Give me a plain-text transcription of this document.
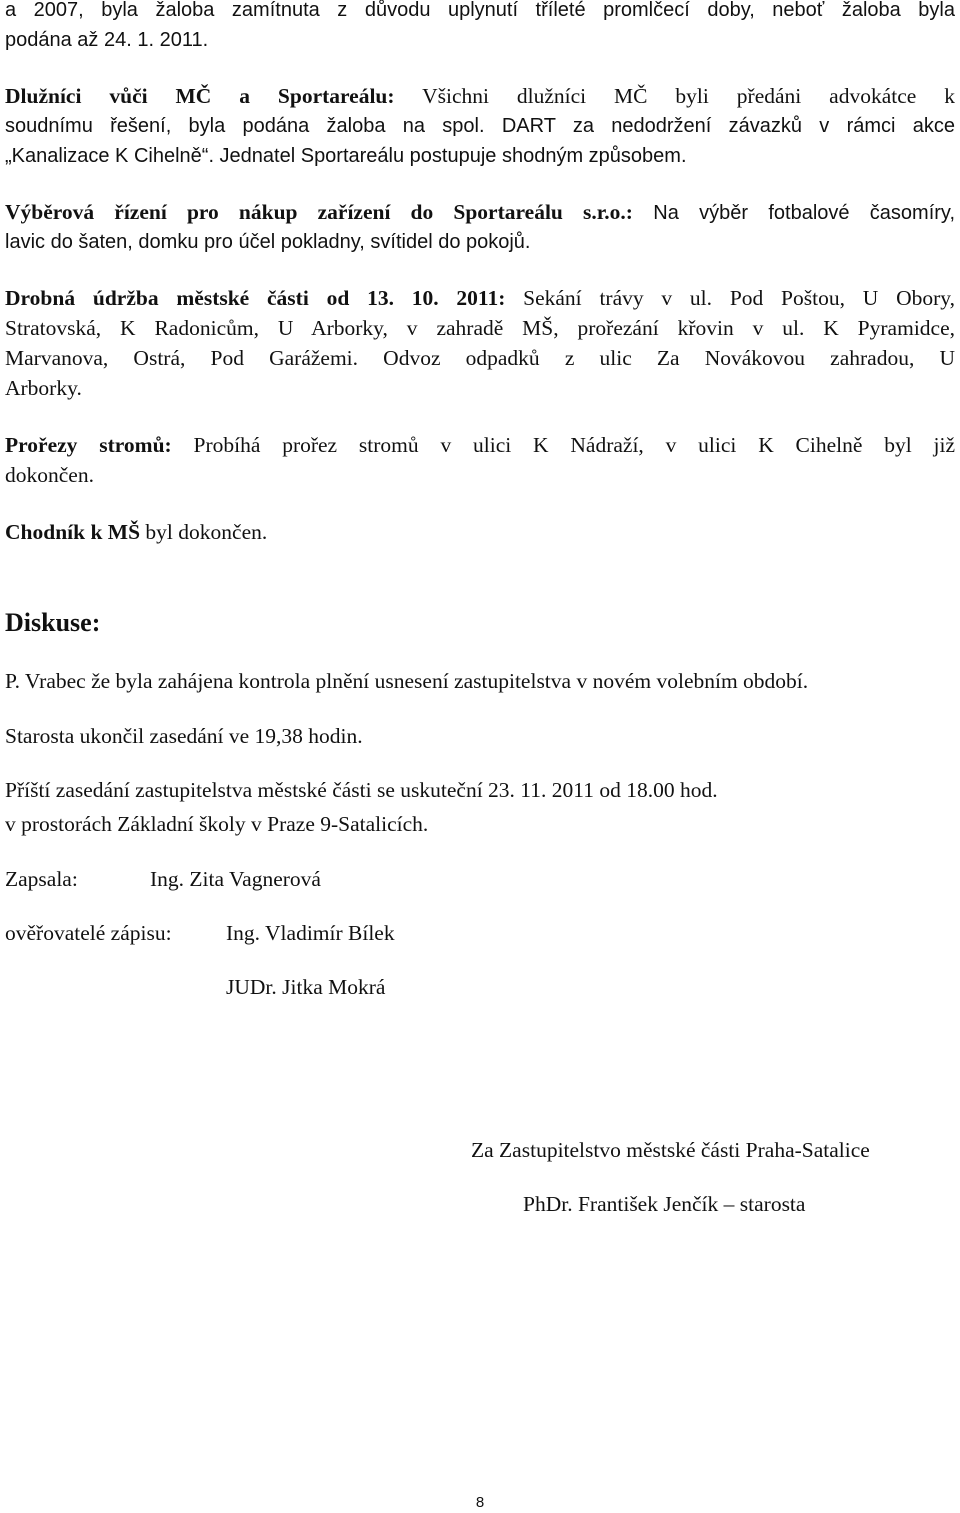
a 2007, byla žaloba zamítnuta z důvodu uplynutí tříleté promlčecí doby, neboť žaloba byla

podána až 24. 1. 2011.

Dlužníci vůči MČ a Sportareálu: Všichni dlužníci MČ byli předáni advokátce k

soudnímu řešení, byla podána žaloba na spol. DART za nedodržení závazků v rámci akce

„Kanalizace K Cihelně“. Jednatel Sportareálu postupuje shodným způsobem.

Výběrová řízení pro nákup zařízení do Sportareálu s.r.o.: Na výběr fotbalové časomíry,

lavic do šaten, domku pro účel pokladny, svítidel do pokojů.

Drobná údržba městské části od 13. 10. 2011: Sekání trávy v ul. Pod Poštou, U Obory,

Stratovská, K Radonicům, U Arborky, v zahradě MŠ, prořezání křovin v ul. K Pyramidce,

Marvanova, Ostrá, Pod Garážemi. Odvoz odpadků z ulic Za Novákovou zahradou, U

Arborky.

Prořezy stromů: Probíhá prořez stromů v ulici K Nádraží, v ulici K Cihelně byl již

dokončen.

Chodník k MŠ byl dokončen.

Diskuse:

P. Vrabec že byla zahájena kontrola plnění usnesení zastupitelstva v novém volebním období.

Starosta ukončil zasedání ve 19,38 hodin.

Příští zasedání zastupitelstva městské části se uskuteční 23. 11. 2011 od 18.00 hod.

v prostorách Základní školy v Praze 9-Satalicích.

Zapsala:	Ing. Zita Vagnerová

ověřovatelé zápisu:	Ing. Vladimír Bílek

JUDr. Jitka Mokrá

Za Zastupitelstvo městské části Praha-Satalice

PhDr. František Jenčík – starosta

8
